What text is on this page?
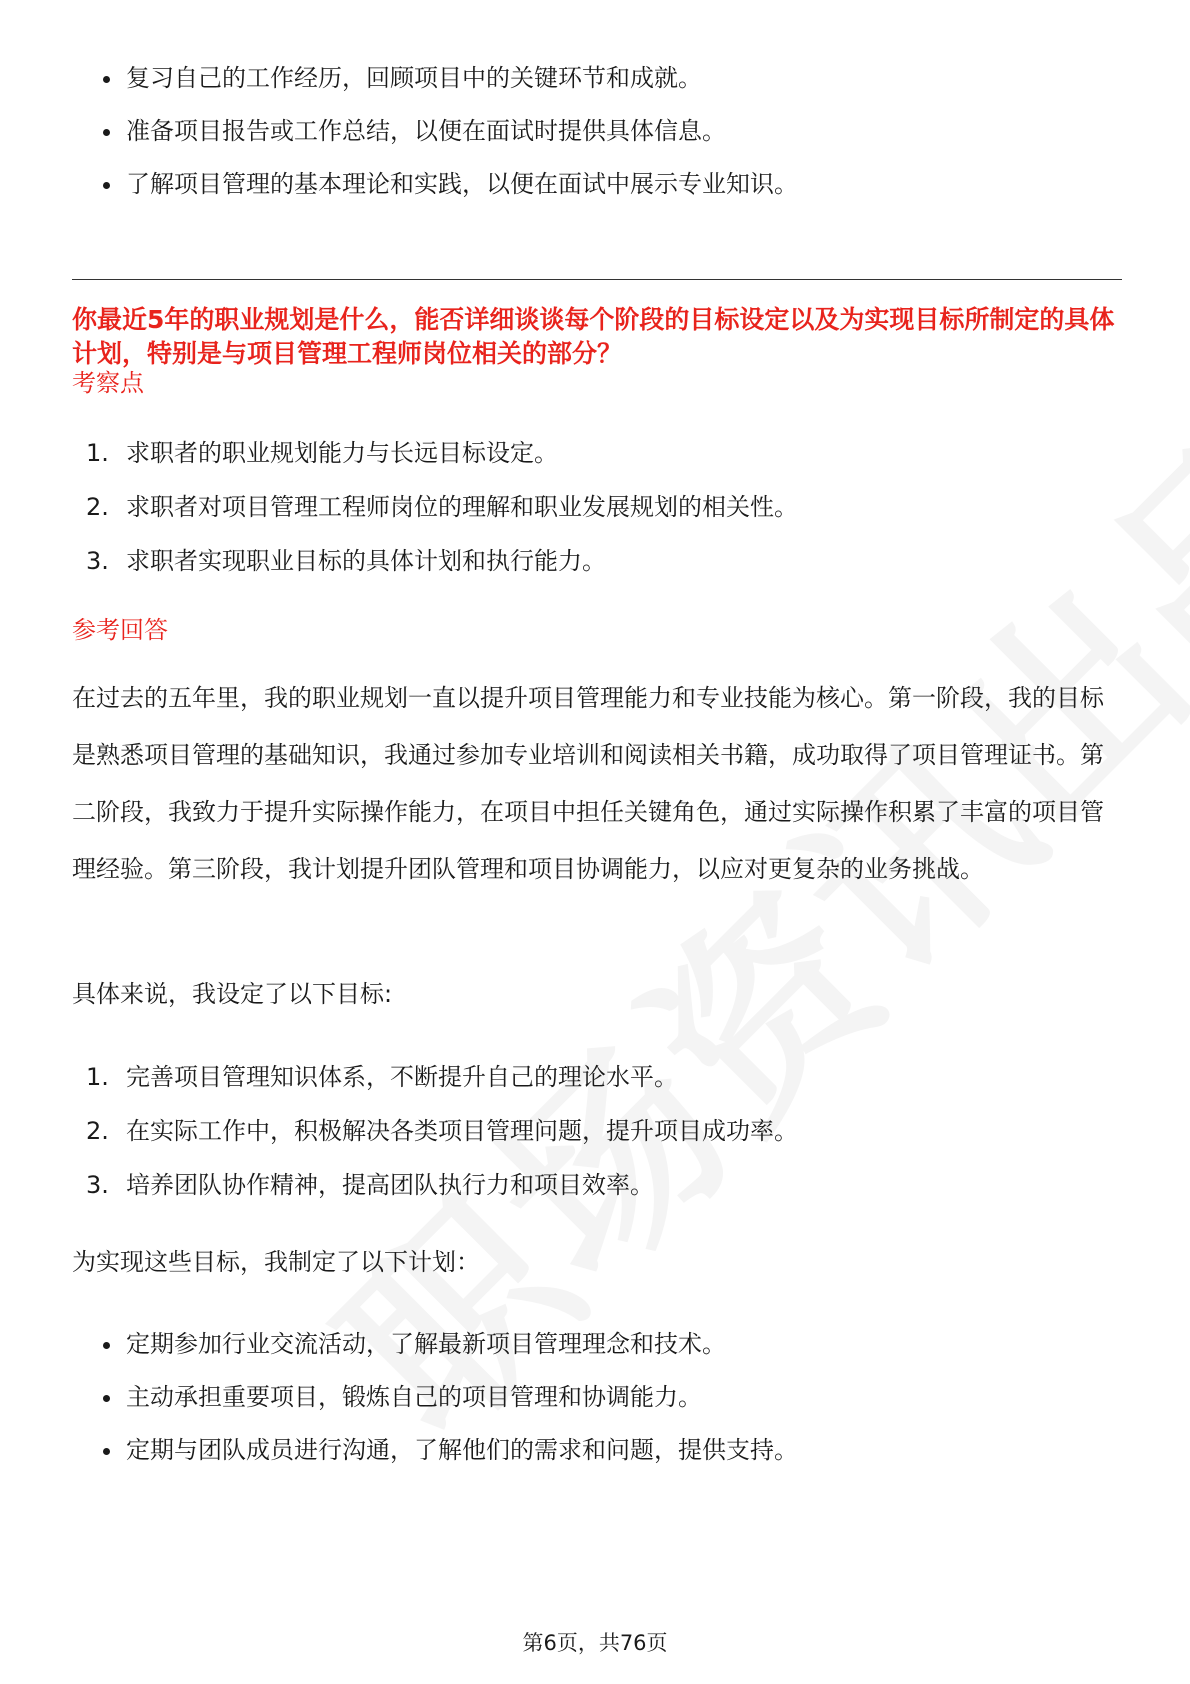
复习自己的工作经历，回顾项目中的关键环节和成就。
准备项目报告或工作总结，以便在面试时提供具体信息。
了解项目管理的基本理论和实践，以便在面试中展示专业知识。
你最近5年的职业规划是什么，能否详细谈谈每个阶段的目标设定以及为实现目标所制定的具体计划，特别是与项目管理工程师岗位相关的部分？
考察点
1. 求职者的职业规划能力与长远目标设定。
2. 求职者对项目管理工程师岗位的理解和职业发展规划的相关性。
3. 求职者实现职业目标的具体计划和执行能力。
参考回答
在过去的五年里，我的职业规划一直以提升项目管理能力和专业技能为核心。第一阶段，我的目标是熟悉项目管理的基础知识，我通过参加专业培训和阅读相关书籍，成功取得了项目管理证书。第二阶段，我致力于提升实际操作能力，在项目中担任关键角色，通过实际操作积累了丰富的项目管理经验。第三阶段，我计划提升团队管理和项目协调能力，以应对更复杂的业务挑战。
具体来说，我设定了以下目标:
1. 完善项目管理知识体系，不断提升自己的理论水平。
2. 在实际工作中，积极解决各类项目管理问题，提升项目成功率。
3. 培养团队协作精神，提高团队执行力和项目效率。
为实现这些目标，我制定了以下计划：
定期参加行业交流活动，了解最新项目管理理念和技术。
主动承担重要项目，锻炼自己的项目管理和协调能力。
定期与团队成员进行沟通，了解他们的需求和问题，提供支持。
第6页，共76页
